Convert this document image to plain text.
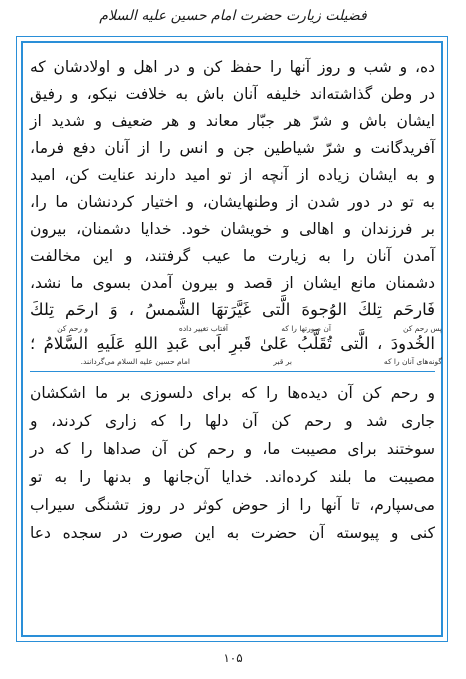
فضیلت زیارت حضرت امام حسین علیه السلام
ده، و شب و روز آنها را حفظ کن و در اهل و اولادشان که
در وطن گذاشته‌اند خلیفه آنان باش به خلافت نیکو، و رفیق
ایشان باش و شرّ هر جبّار معاند و هر ضعیف و شدید از
آفریدگانت و شرّ شیاطین جن و انس را از آنان دفع فرما،
و به ایشان زیاده از آنچه از تو امید دارند عنایت کن، امید
به تو در دور شدن از وطنهایشان، و اختیار کردنشان ما را،
بر فرزندان و اهالی و خویشان خود. خدایا دشمنان، بیرون
آمدن آنان را به زیارت ما عیب گرفتند، و این مخالفت
دشمنان مانع ایشان از قصد و بیرون آمدن بسوی ما نشد،
فَارحَم تِلكَ الوُجوهَ الَّتی غَیَّرَتهَا الشَّمسُ ، وَ ارحَم تِلكَ
پس رحم کن
آن صورتها را که
آفتاب تغییر داده
و رحم کن
الخُدودَ ، الَّتی تُقَلَّبُ عَلیٰ قَبرِ اَبی عَبدِ اللهِ عَلَیهِ السَّلامُ ؛
گونه‌های آنان را که
بر قبر
امام حسین علیه السلام می‌گردانند.
و رحم کن آن دیده‌ها را که برای دلسوزی بر ما اشکشان
جاری شد و رحم کن آن دلها را که زاری کردند، و
سوختند برای مصیبت ما، و رحم کن آن صداها را که در
مصیبت ما بلند کرده‌اند. خدایا آن‌جانها و بدنها را به تو
می‌سپارم، تا آنها را از حوض کوثر در روز تشنگی سیراب
کنی و پیوسته آن حضرت به این صورت در سجده دعا
۱۰۵
